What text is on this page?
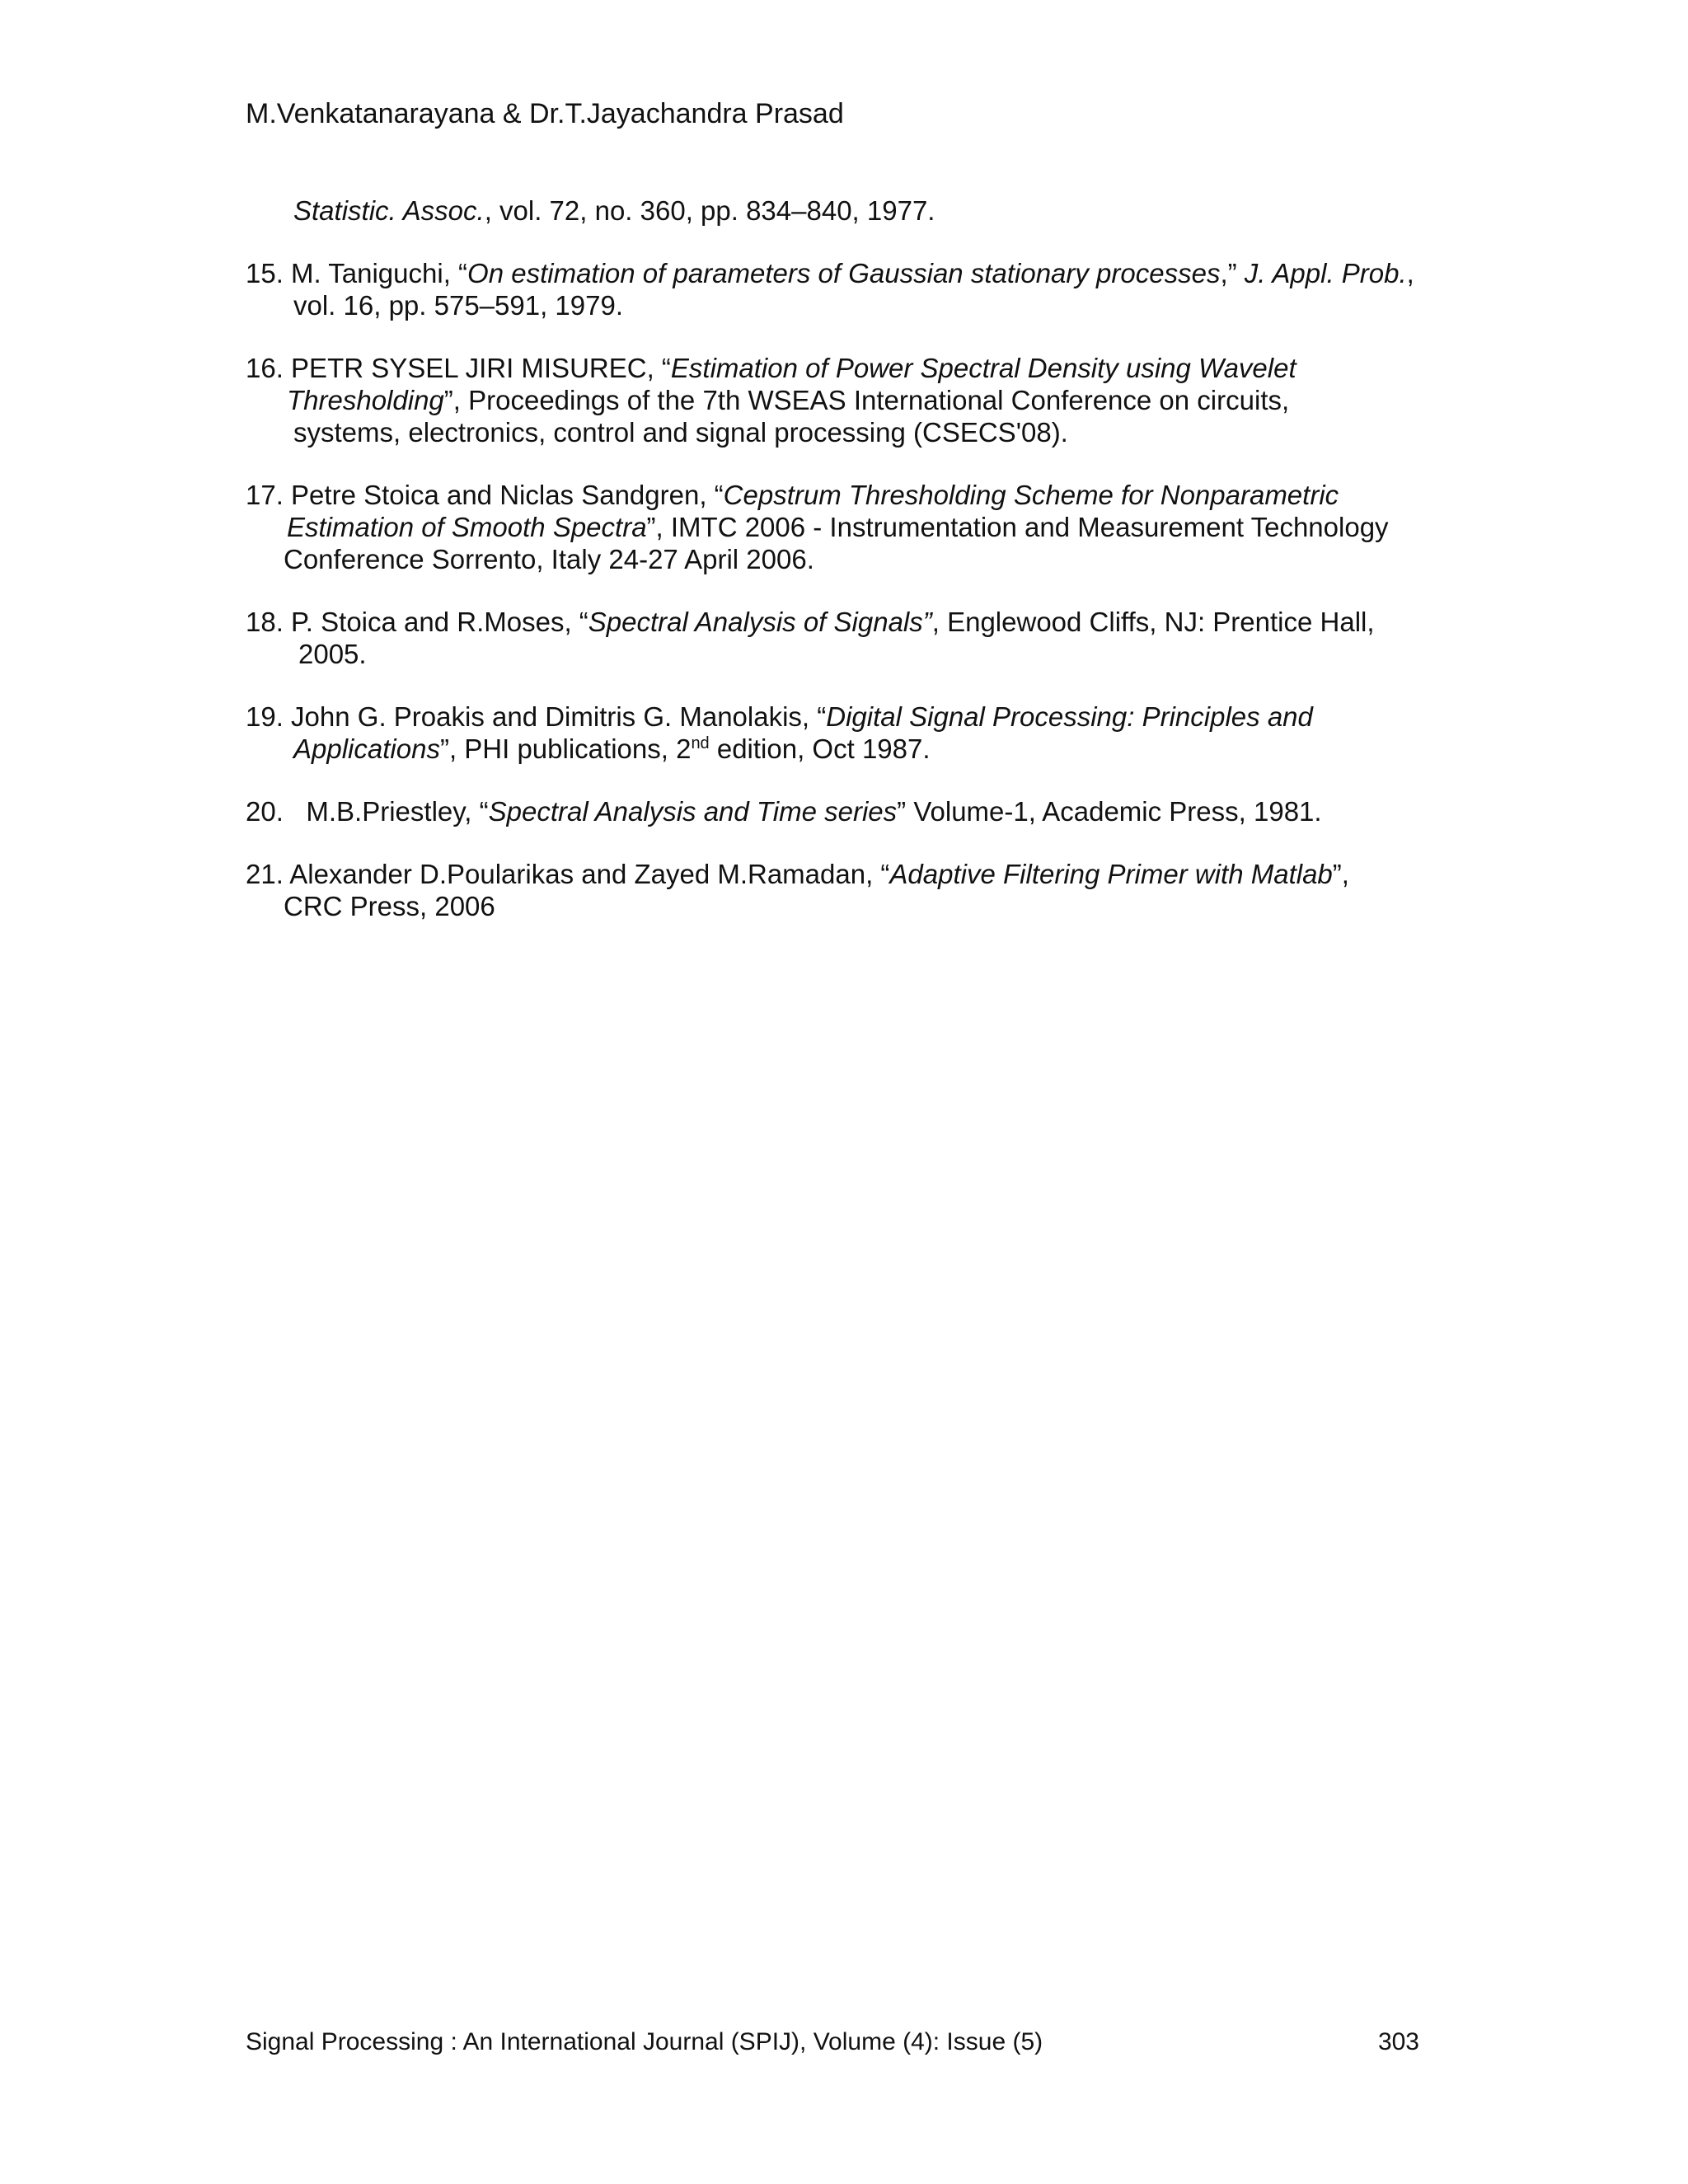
M.Venkatanarayana & Dr.T.Jayachandra Prasad
Statistic. Assoc., vol. 72, no. 360, pp. 834–840, 1977.
15. M. Taniguchi, “On estimation of parameters of Gaussian stationary processes,” J. Appl. Prob.,
vol. 16, pp. 575–591, 1979.
16. PETR SYSEL JIRI MISUREC, “Estimation of Power Spectral Density using Wavelet
Thresholding”, Proceedings of the 7th WSEAS International Conference on circuits,
systems, electronics, control and signal processing (CSECS'08).
17. Petre Stoica and Niclas Sandgren, “Cepstrum Thresholding Scheme for Nonparametric
Estimation of Smooth Spectra”, IMTC 2006 - Instrumentation and Measurement Technology
Conference Sorrento, Italy 24-27 April 2006.
18. P. Stoica and R.Moses, “Spectral Analysis of Signals”, Englewood Cliffs, NJ: Prentice Hall,
2005.
19. John G. Proakis and Dimitris G. Manolakis, “Digital Signal Processing: Principles and
Applications”, PHI publications, 2nd edition, Oct 1987.
20.   M.B.Priestley, “Spectral Analysis and Time series” Volume-1, Academic Press, 1981.
21. Alexander D.Poularikas and Zayed M.Ramadan, “Adaptive Filtering Primer with Matlab”,
CRC Press, 2006
Signal Processing : An International Journal (SPIJ), Volume (4): Issue (5)	303
